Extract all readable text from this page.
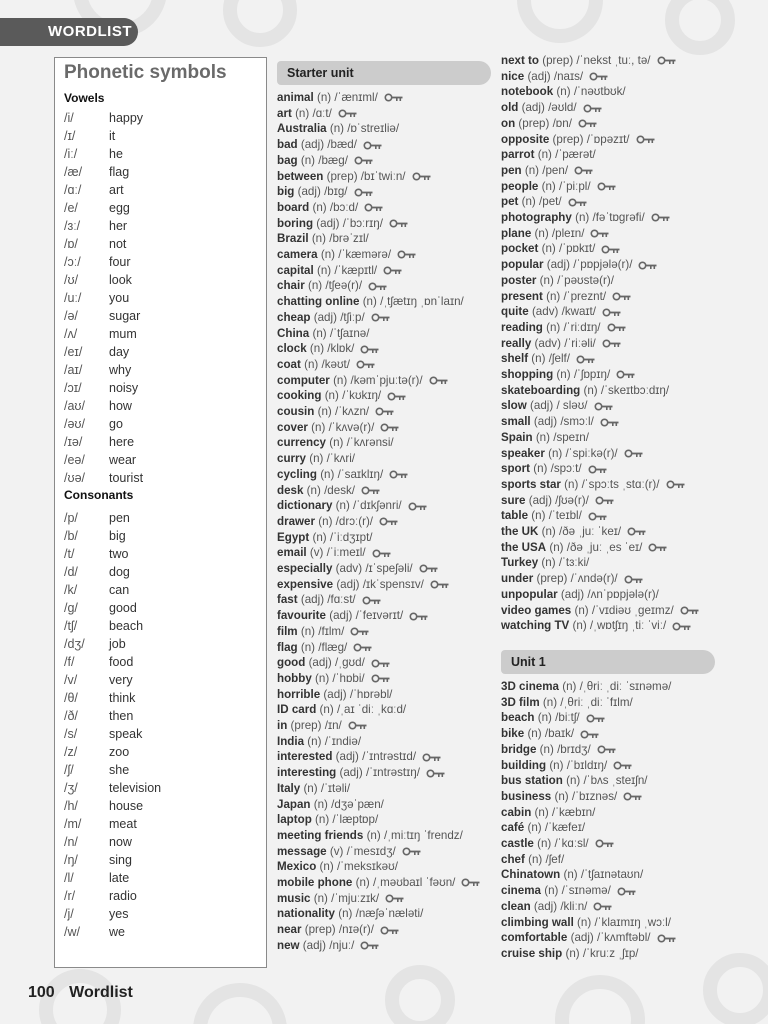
WORDLIST
Phonetic symbols
Vowels
Consonants
/i/	happy
/ɪ/	it
/iː/	he
/æ/ flag
/ɑː/ art
/e/ egg
/ɜː/ her
/ɒ/ not
/ɔː/ four
/ʊ/ look
/uː/ you
/ə/ sugar
/ʌ/	mum
/eɪ/ day
/aɪ/ why
/ɔɪ/ noisy
/aʊ/ how
/əʊ/ go
/ɪə/ here
/eə/ wear
/ʊə/ tourist
/p/ pen
/b/ big
/t/	two
/d/ dog
/k/	can
/g/ good
/tʃ/	beach
/dʒ/ job
/f/	food
/v/	very
/θ/ think
/ð/ then
/s/	speak
/z/	zoo
/ʃ/	she
/ʒ/ television
/h/ house
/m/ meat
/n/ now
/ŋ/ sing
/l/	late
/r/	radio
/j/	yes
/w/ we
Starter unit
animal (n) /ˈænɪml/
art (n) /ɑːt/
Australia (n) /ɒˈstreɪliə/
bad (adj) /bæd/
bag (n) /bæg/
between (prep) /bɪˈtwiːn/
big (adj) /bɪg/
board (n) /bɔːd/
boring (adj) /ˈbɔːrɪŋ/
Brazil (n) /brəˈzɪl/
camera (n) /ˈkæmərə/
capital (n) /ˈkæpɪtl/
chair (n) /tʃeə(r)/
chatting online (n) /ˌtʃætɪŋ ˌɒnˈlaɪn/
cheap (adj) /tʃiːp/
China (n) /ˈtʃaɪnə/
clock (n) /klɒk/
coat (n) /kəʊt/
computer (n) /kəmˈpjuːtə(r)/
cooking (n) /ˈkʊkɪŋ/
cousin (n) /ˈkʌzn/
cover (n) /ˈkʌvə(r)/
currency (n) /ˈkʌrənsi/
curry (n) /ˈkʌri/
cycling (n) /ˈsaɪklɪŋ/
desk (n) /desk/
dictionary (n) /ˈdɪkʃənri/
drawer (n) /drɔː(r)/
Egypt (n) /ˈiːdʒɪpt/
email (v) /ˈiːmeɪl/
especially (adv) /ɪˈspeʃəli/
expensive (adj) /ɪkˈspensɪv/
fast (adj) /fɑːst/
favourite (adj) /ˈfeɪvərɪt/
film (n) /fɪlm/
flag (n) /flæg/
good (adj) /ˌgʊd/
hobby (n) /ˈhɒbi/
horrible (adj) /ˈhɒrəbl/
ID card (n) /ˌaɪ ˈdiː ˌkɑːd/
in (prep) /ɪn/
India (n) /ˈɪndiə/
interested (adj) /ˈɪntrəstɪd/
interesting (adj) /ˈɪntrəstɪŋ/
Italy (n) /ˈɪtəli/
Japan (n) /dʒəˈpæn/
laptop (n) /ˈlæptɒp/
meeting friends (n) /ˌmiːtɪŋ ˈfrendz/
message (v) /ˈmesɪdʒ/
Mexico (n) /ˈmeksɪkəʊ/
mobile phone (n) /ˌməʊbaɪl ˈfəʊn/
music (n) /ˈmjuːzɪk/
nationality (n) /næʃəˈnæləti/
near (prep) /nɪə(r)/
new (adj) /njuː/
next to (prep) /ˈnekst ˌtuː, tə/
nice (adj) /naɪs/
notebook (n) /ˈnəʊtbʊk/
old (adj) /əʊld/
on (prep) /ɒn/
opposite (prep) /ˈɒpəzɪt/
parrot (n) /ˈpærət/
pen (n) /pen/
people (n) /ˈpiːpl/
pet (n) /pet/
photography (n) /fəˈtɒgrəfi/
plane (n) /pleɪn/
pocket (n) /ˈpɒkɪt/
popular (adj) /ˈpɒpjələ(r)/
poster (n) /ˈpəʊstə(r)/
present (n) /ˈpreznt/
quite (adv) /kwaɪt/
reading (n) /ˈriːdɪŋ/
really (adv) /ˈriːəli/
shelf (n) /ʃelf/
shopping (n) /ˈʃɒpɪŋ/
skateboarding (n) /ˈskeɪtbɔːdɪŋ/
slow (adj) / sləʊ/
small (adj) /smɔːl/
Spain (n) /speɪn/
speaker (n) /ˈspiːkə(r)/
sport (n) /spɔːt/
sports star (n) /ˈspɔːts ˌstɑː(r)/
sure (adj) /ʃʊə(r)/
table (n) /ˈteɪbl/
the UK (n) /ðə ˌjuː ˈkeɪ/
the USA (n) /ðə ˌjuː ˌes ˈeɪ/
Turkey (n) /ˈtɜːki/
under (prep) /ˈʌndə(r)/
unpopular (adj) /ʌnˈpɒpjələ(r)/
video games (n) /ˈvɪdiəʊ ˌgeɪmz/
watching TV (n) /ˌwɒtʃɪŋ ˌtiː ˈviː/
Unit 1
3D cinema (n) /ˌθriː ˌdiː ˈsɪnəmə/
3D film (n) /ˌθriː ˌdiː ˈfɪlm/
beach (n) /biːtʃ/
bike (n) /baɪk/
bridge (n) /brɪdʒ/
building (n) /ˈbɪldɪŋ/
bus station (n) /ˈbʌs ˌsteɪʃn/
business (n) /ˈbɪznəs/
cabin (n) /ˈkæbɪn/
café (n) /ˈkæfeɪ/
castle (n) /ˈkɑːsl/
chef (n) /ʃef/
Chinatown (n) /ˈtʃaɪnətaʊn/
cinema (n) /ˈsɪnəmə/
clean (adj) /kliːn/
climbing wall (n) /ˈklaɪmɪŋ ˌwɔːl/
comfortable (adj) /ˈkʌmftəbl/
cruise ship (n) /ˈkruːz ˌʃɪp/
100 Wordlist
